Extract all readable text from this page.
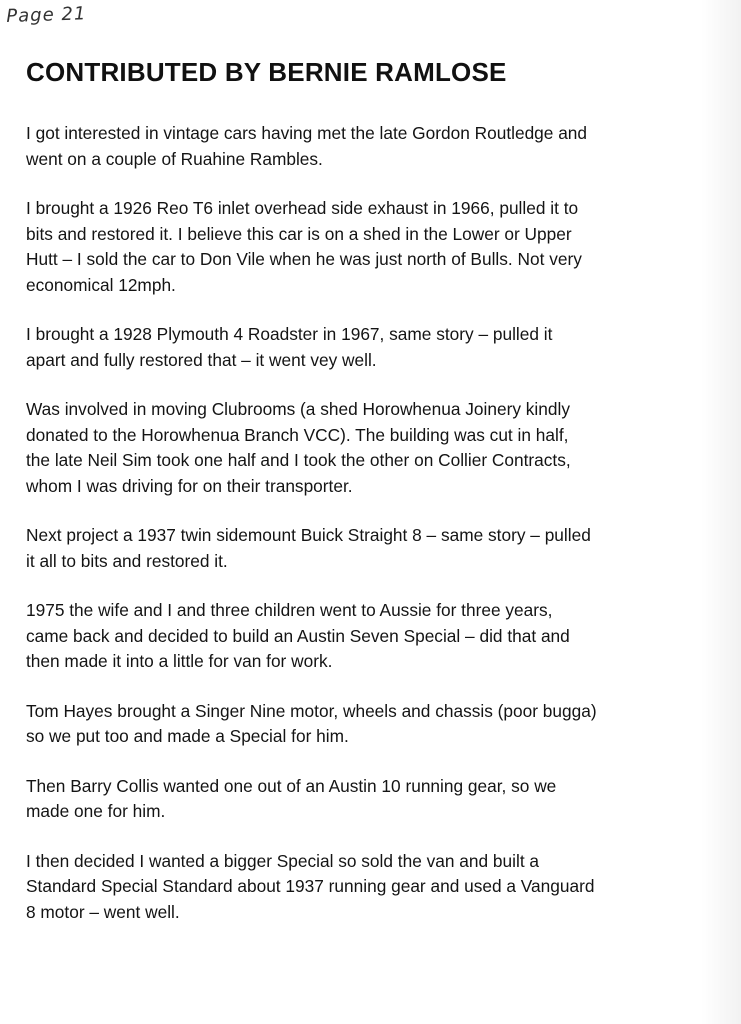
Page 21
CONTRIBUTED BY BERNIE RAMLOSE

I got interested in vintage cars having met the late Gordon Routledge and
went on a couple of Ruahine Rambles.

I brought a 1926 Reo T6 inlet overhead side exhaust in 1966, pulled it to
bits and restored it. I believe this car is on a shed in the Lower or Upper
Hutt – I sold the car to Don Vile when he was just north of Bulls. Not very
economical 12mph.

I brought a 1928 Plymouth 4 Roadster in 1967, same story – pulled it
apart and fully restored that – it went vey well.

Was involved in moving Clubrooms (a shed Horowhenua Joinery kindly
donated to the Horowhenua Branch VCC). The building was cut in half,
the late Neil Sim took one half and I took the other on Collier Contracts,
whom I was driving for on their transporter.

Next project a 1937 twin sidemount Buick Straight 8 – same story – pulled
it all to bits and restored it.

1975 the wife and I and three children went to Aussie for three years,
came back and decided to build an Austin Seven Special – did that and
then made it into a little for van for work.

Tom Hayes brought a Singer Nine motor, wheels and chassis (poor bugga)
so we put too and made a Special for him.

Then Barry Collis wanted one out of an Austin 10 running gear, so we
made one for him.

I then decided I wanted a bigger Special so sold the van and built a
Standard Special Standard about 1937 running gear and used a Vanguard
8 motor – went well.
